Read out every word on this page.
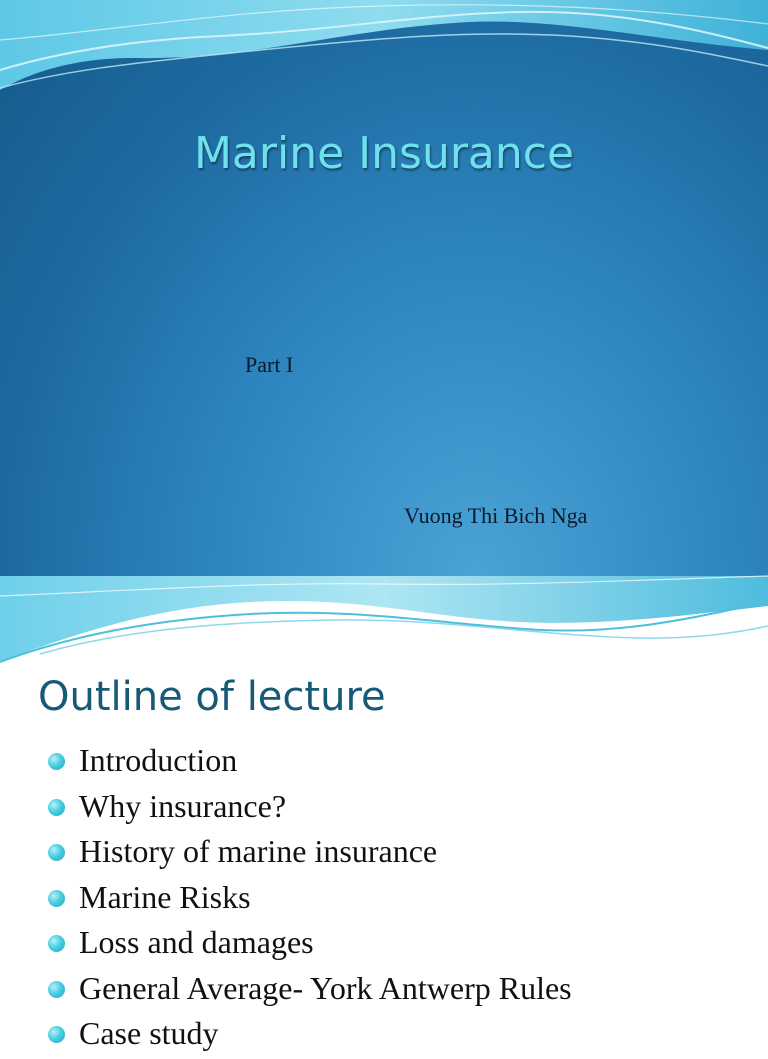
Marine Insurance
Part I
Vuong Thi Bich Nga
Outline of lecture
Introduction
Why insurance?
History of marine insurance
Marine Risks
Loss and damages
General Average- York Antwerp Rules
Case study
